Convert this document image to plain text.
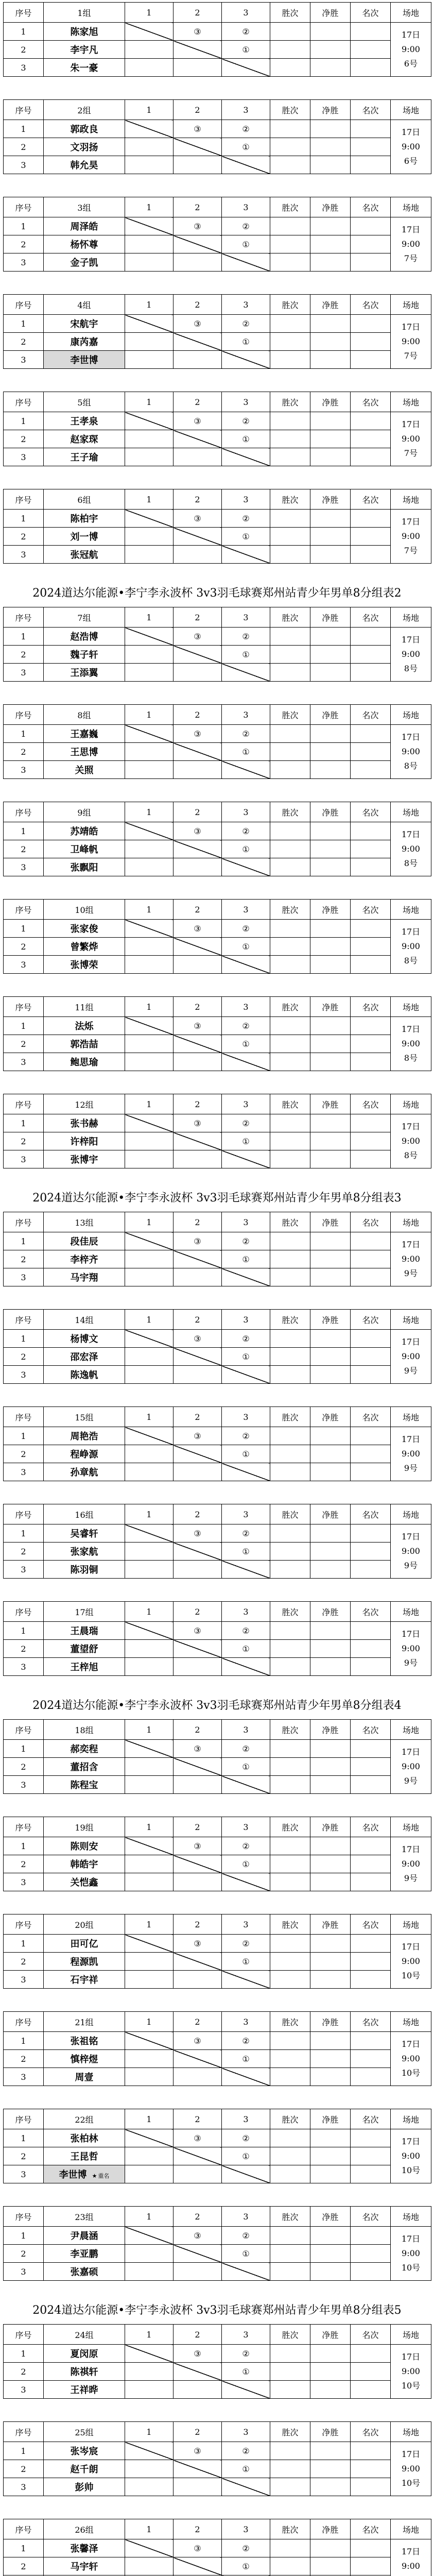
序号	1组	1	2	3	胜次	净胜	名次	场地
1	陈家旭		③	②				17日
9:00
6号

2	李宇凡			①				
3	朱一豪							
序号	2组	1	2	3	胜次	净胜	名次	场地
1	郭政良		③	②				17日
9:00
6号

2	文羽扬			①				
3	韩允昊							
序号	3组	1	2	3	胜次	净胜	名次	场地
1	周泽皓		③	②				17日
9:00
7号

2	杨怀尊			①				
3	金子凯							
序号	4组	1	2	3	胜次	净胜	名次	场地
1	宋航宇		③	②				17日
9:00
7号

2	康芮嘉			①				
3	李世博							
序号	5组	1	2	3	胜次	净胜	名次	场地
1	王孝泉		③	②				17日
9:00
7号

2	赵家琛			①				
3	王子瑜							
序号	6组	1	2	3	胜次	净胜	名次	场地
1	陈柏宇		③	②				17日
9:00
7号

2	刘一博			①				
3	张冠航							
2024道达尔能源•李宁李永波杯 3v3羽毛球赛郑州站青少年男单8分组表2
序号	7组	1	2	3	胜次	净胜	名次	场地
1	赵浩博		③	②				17日
9:00
8号

2	魏子轩			①				
3	王添翼							
序号	8组	1	2	3	胜次	净胜	名次	场地
1	王嘉巍		③	②				17日
9:00
8号

2	王思博			①				
3	关照							
序号	9组	1	2	3	胜次	净胜	名次	场地
1	苏靖皓		③	②				17日
9:00
8号

2	卫峰帆			①				
3	张飘阳							
序号	10组	1	2	3	胜次	净胜	名次	场地
1	张家俊		③	②				17日
9:00
8号

2	曾繁烨			①				
3	张博荣							
序号	11组	1	2	3	胜次	净胜	名次	场地
1	法烁		③	②				17日
9:00
8号

2	郭浩喆			①				
3	鲍思瑜							
序号	12组	1	2	3	胜次	净胜	名次	场地
1	张书赫		③	②				17日
9:00
8号

2	许梓阳			①				
3	张博宇							
2024道达尔能源•李宁李永波杯 3v3羽毛球赛郑州站青少年男单8分组表3
序号	13组	1	2	3	胜次	净胜	名次	场地
1	段佳辰		③	②				17日
9:00
9号

2	李梓齐			①				
3	马宇翔							
序号	14组	1	2	3	胜次	净胜	名次	场地
1	杨博文		③	②				17日
9:00
9号

2	邵宏泽			①				
3	陈逸帆							
序号	15组	1	2	3	胜次	净胜	名次	场地
1	周艳浩		③	②				17日
9:00
9号

2	程峥源			①				
3	孙章航							
序号	16组	1	2	3	胜次	净胜	名次	场地
1	吴睿轩		③	②				17日
9:00
9号

2	张家航			①				
3	陈羽铜							
序号	17组	1	2	3	胜次	净胜	名次	场地
1	王晨瑞		③	②				17日
9:00
9号

2	董望舒			①				
3	王梓旭							
2024道达尔能源•李宁李永波杯 3v3羽毛球赛郑州站青少年男单8分组表4
序号	18组	1	2	3	胜次	净胜	名次	场地
1	郝奕程		③	②				17日
9:00
9号

2	董招含			①				
3	陈程宝							
序号	19组	1	2	3	胜次	净胜	名次	场地
1	陈则安		③	②				17日
9:00
9号

2	韩皓宇			①				
3	关恺鑫							
序号	20组	1	2	3	胜次	净胜	名次	场地
1	田可亿		③	②				17日
9:00
10号

2	程源凯			①				
3	石宇祥							
序号	21组	1	2	3	胜次	净胜	名次	场地
1	张祖铭		③	②				17日
9:00
10号

2	慎梓煜			①				
3	周壹							
序号	22组	1	2	3	胜次	净胜	名次	场地
1	张柏林		③	②				17日
9:00
10号

2	王昆哲			①				
3	李世博 ★ 重名							
序号	23组	1	2	3	胜次	净胜	名次	场地
1	尹晨涵		③	②				17日
9:00
10号

2	李亚鹏			①				
3	张嘉硕							
2024道达尔能源•李宁李永波杯 3v3羽毛球赛郑州站青少年男单8分组表5
序号	24组	1	2	3	胜次	净胜	名次	场地
1	夏闵原		③	②				17日
9:00
10号

2	陈祺轩			①				
3	王祥晔							
序号	25组	1	2	3	胜次	净胜	名次	场地
1	张岑宸		③	②				17日
9:00
10号

2	赵千朗			①				
3	彭帅							
序号	26组	1	2	3	胜次	净胜	名次	场地
1	张馨泽		③	②				17日
9:00

2	马宇轩			①				
